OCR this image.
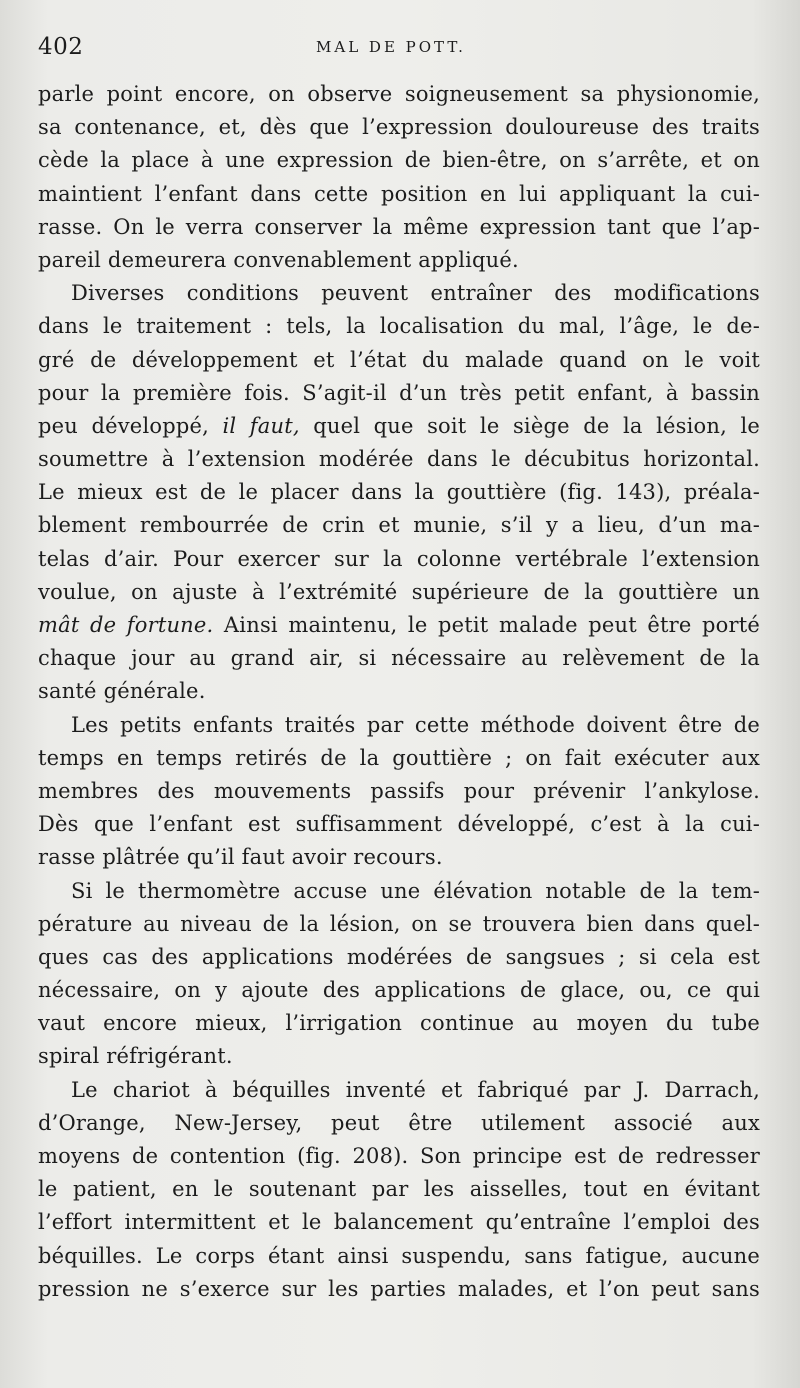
402	MAL DE POTT.
parle point encore, on observe soigneusement sa physionomie,
sa contenance, et, dès que l’expression douloureuse des traits
cède la place à une expression de bien-être, on s’arrête, et on
maintient l’enfant dans cette position en lui appliquant la cui-
rasse. On le verra conserver la même expression tant que l’ap-
pareil demeurera convenablement appliqué.
Diverses conditions peuvent entraîner des modifications
dans le traitement : tels, la localisation du mal, l’âge, le de-
gré de développement et l’état du malade quand on le voit
pour la première fois. S’agit-il d’un très petit enfant, à bassin
peu développé, il faut, quel que soit le siège de la lésion, le
soumettre à l’extension modérée dans le décubitus horizontal.
Le mieux est de le placer dans la gouttière (fig. 143), préala-
blement rembourrée de crin et munie, s’il y a lieu, d’un ma-
telas d’air. Pour exercer sur la colonne vertébrale l’extension
voulue, on ajuste à l’extrémité supérieure de la gouttière un
mât de fortune. Ainsi maintenu, le petit malade peut être porté
chaque jour au grand air, si nécessaire au relèvement de la
santé générale.
Les petits enfants traités par cette méthode doivent être de
temps en temps retirés de la gouttière ; on fait exécuter aux
membres des mouvements passifs pour prévenir l’ankylose.
Dès que l’enfant est suffisamment développé, c’est à la cui-
rasse plâtrée qu’il faut avoir recours.
Si le thermomètre accuse une élévation notable de la tem-
pérature au niveau de la lésion, on se trouvera bien dans quel-
ques cas des applications modérées de sangsues ; si cela est
nécessaire, on y ajoute des applications de glace, ou, ce qui
vaut encore mieux, l’irrigation continue au moyen du tube
spiral réfrigérant.
Le chariot à béquilles inventé et fabriqué par J. Darrach,
d’Orange, New-Jersey, peut être utilement associé aux
moyens de contention (fig. 208). Son principe est de redresser
le patient, en le soutenant par les aisselles, tout en évitant
l’effort intermittent et le balancement qu’entraîne l’emploi des
béquilles. Le corps étant ainsi suspendu, sans fatigue, aucune
pression ne s’exerce sur les parties malades, et l’on peut sans
